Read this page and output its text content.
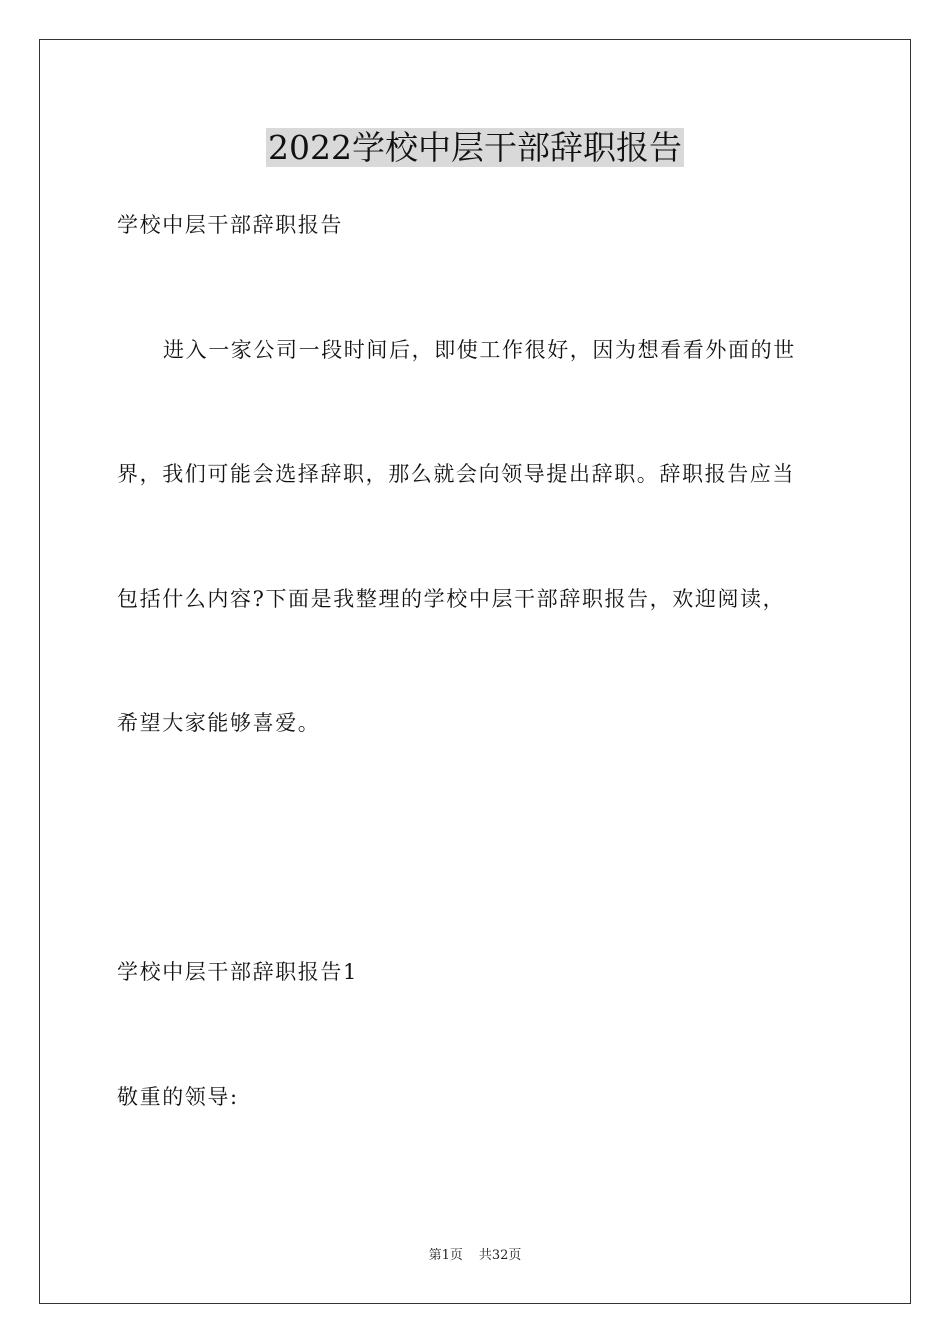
2022学校中层干部辞职报告

学校中层干部辞职报告

进入一家公司一段时间后，即使工作很好，因为想看看外面的世

界，我们可能会选择辞职，那么就会向领导提出辞职。辞职报告应当

包括什么内容?下面是我整理的学校中层干部辞职报告，欢迎阅读，

希望大家能够喜爱。

学校中层干部辞职报告1

敬重的领导:

第1页 共32页
